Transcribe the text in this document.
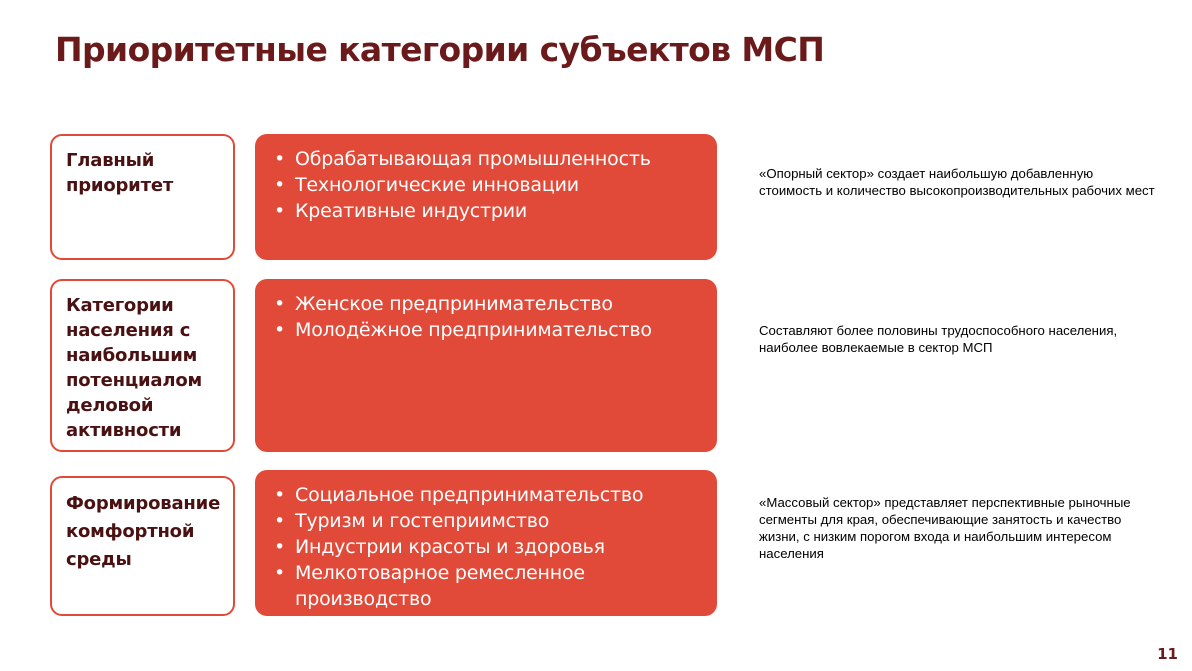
Приоритетные категории субъектов МСП
Главный приоритет
• Обрабатывающая промышленность
• Технологические инновации
• Креативные индустрии

«Опорный сектор» создает наибольшую добавленную стоимость и количество высокопроизводительных рабочих мест

Категории населения с наибольшим потенциалом деловой активности
• Женское предпринимательство
• Молодёжное предпринимательство	Составляют более половины трудоспособного населения, наиболее вовлекаемые в сектор МСП

Формирование комфортной среды
• Социальное предпринимательство
• Туризм и гостеприимство
• Индустрии красоты и здоровья
• Мелкотоварное ремесленное производство

«Массовый сектор» представляет перспективные рыночные сегменты для края, обеспечивающие занятость и качество жизни, с низким порогом входа и наибольшим интересом населения

11
